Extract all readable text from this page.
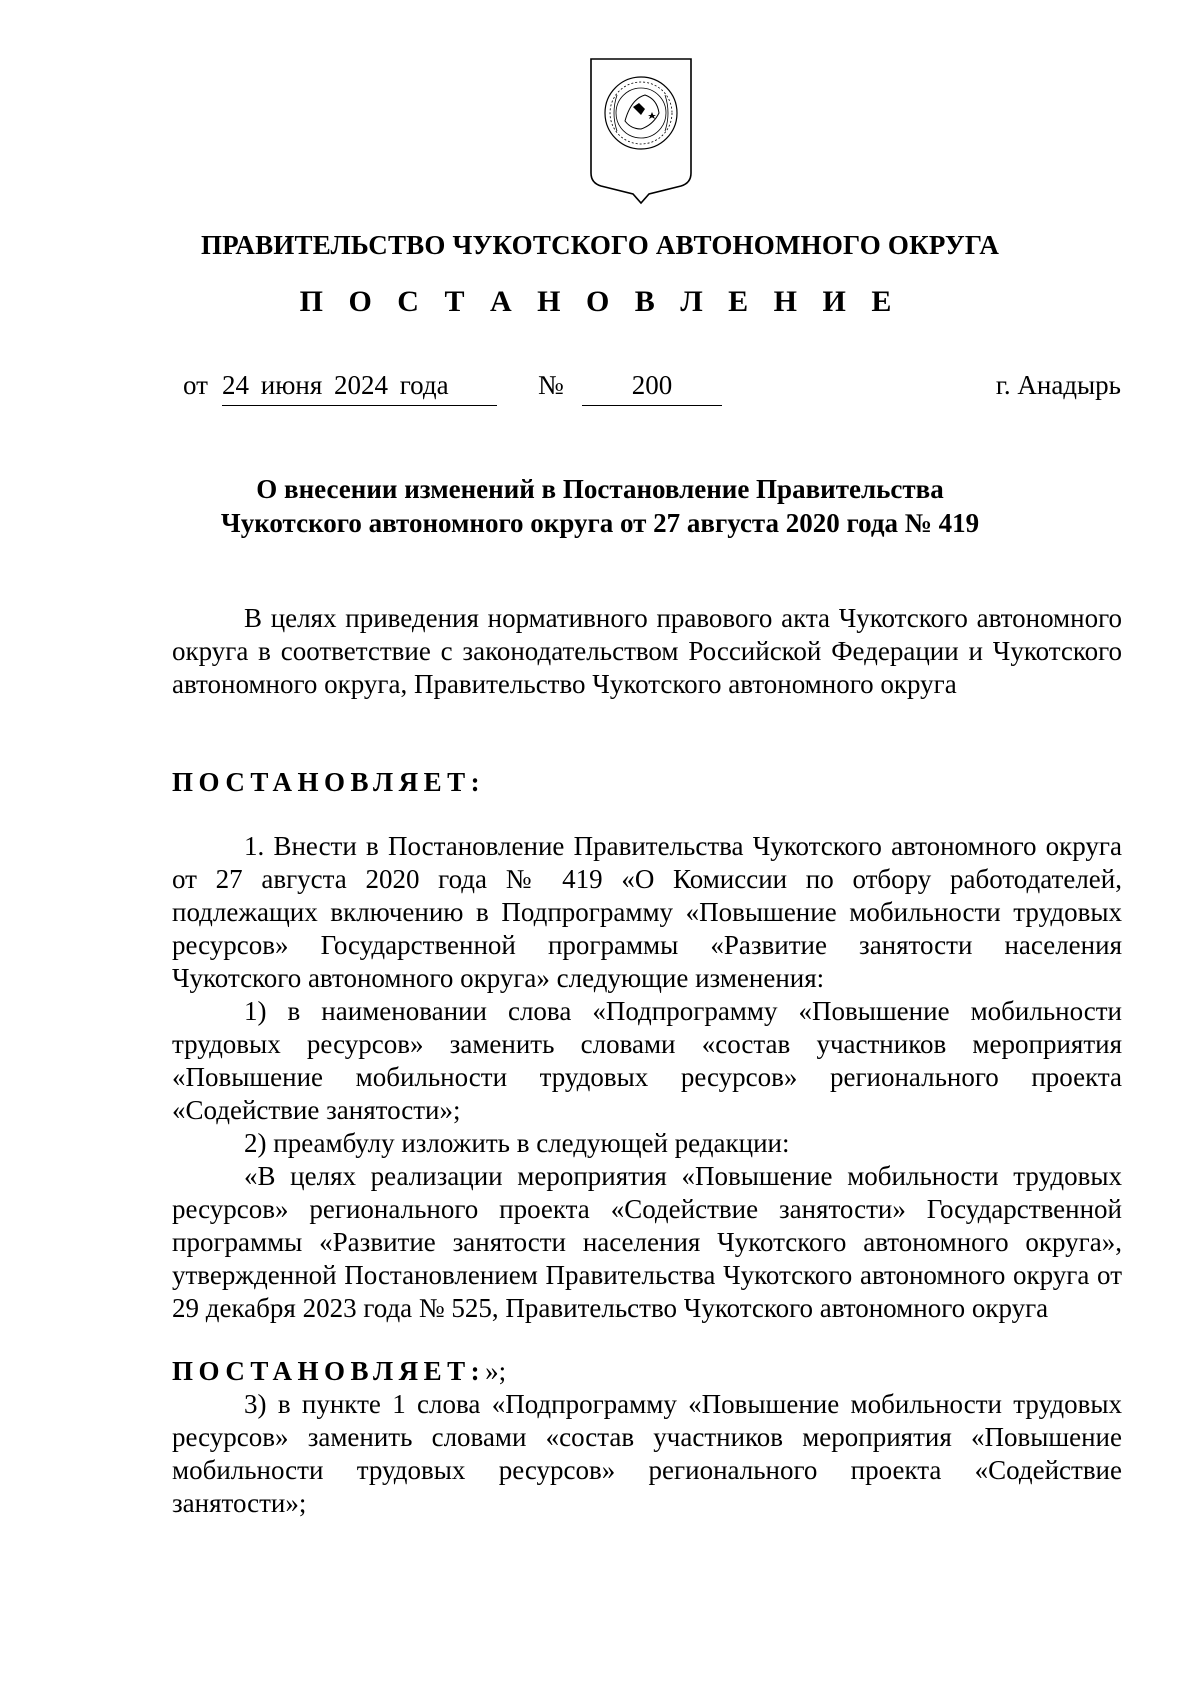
ПРАВИТЕЛЬСТВО ЧУКОТСКОГО АВТОНОМНОГО ОКРУГА
П О С Т А Н О В Л Е Н И Е
от 24 июня 2024 года	№	200	г. Анадырь
О внесении изменений в Постановление Правительства
Чукотского автономного округа от 27 августа 2020 года № 419

В целях приведения нормативного правового акта Чукотского автономного округа в соответствие с законодательством Российской Федерации и Чукотского автономного округа, Правительство Чукотского автономного округа

ПОСТАНОВЛЯЕТ:

1. Внести в Постановление Правительства Чукотского автономного округа от 27 августа 2020 года № 419 «О Комиссии по отбору работодателей, подлежащих включению в Подпрограмму «Повышение мобильности трудовых ресурсов» Государственной программы «Развитие занятости населения Чукотского автономного округа» следующие изменения:

1) в наименовании слова «Подпрограмму «Повышение мобильности трудовых ресурсов» заменить словами «состав участников мероприятия «Повышение мобильности трудовых ресурсов» регионального проекта «Содействие занятости»;

2) преамбулу изложить в следующей редакции:

«В целях реализации мероприятия «Повышение мобильности трудовых ресурсов» регионального проекта «Содействие занятости» Государственной программы «Развитие занятости населения Чукотского автономного округа», утвержденной Постановлением Правительства Чукотского автономного округа от 29 декабря 2023 года № 525, Правительство Чукотского автономного округа

ПОСТАНОВЛЯЕТ:»;

3) в пункте 1 слова «Подпрограмму «Повышение мобильности трудовых ресурсов» заменить словами «состав участников мероприятия «Повышение мобильности трудовых ресурсов» регионального проекта «Содействие занятости»;
